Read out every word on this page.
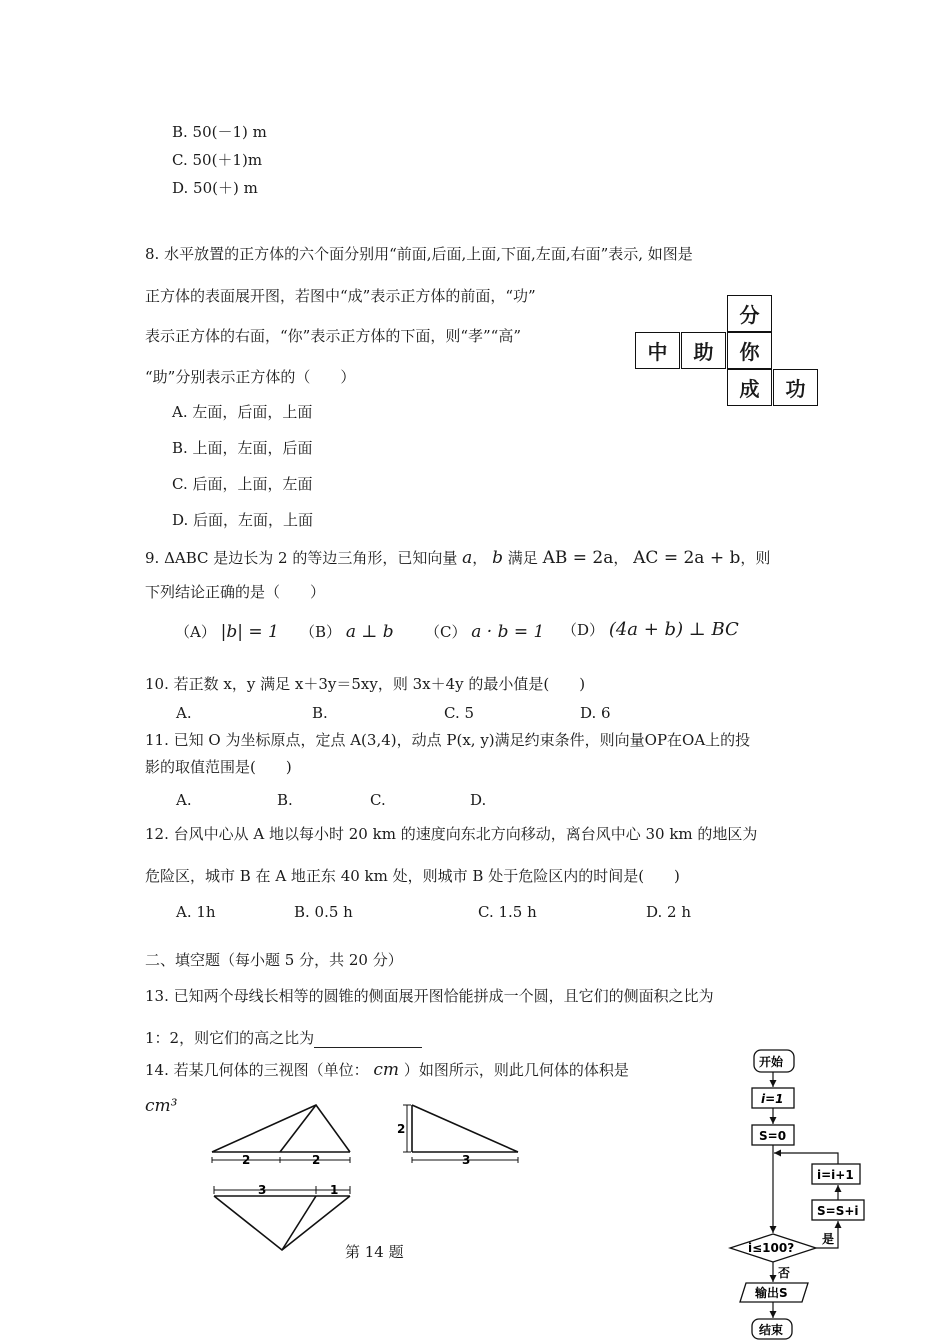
B. 50(－1) m
C. 50(＋1)m
D. 50(＋) m
8. 水平放置的正方体的六个面分别用“前面,后面,上面,下面,左面,右面”表示, 如图是
正方体的表面展开图，若图中“成”表示正方体的前面，“功”
表示正方体的右面，“你”表示正方体的下面，则“孝”“高”
“助”分别表示正方体的（　　）
A. 左面，后面，上面
B. 上面，左面，后面
C. 后面，上面，左面
D. 后面，左面，上面
分
中	助	你
成	功
9. ΔABC 是边长为 2 的等边三角形，已知向量 a， b 满足 AB = 2a， AC = 2a + b，则
下列结论正确的是（　　）
（A） |b| = 1 （B） a ⊥ b （C） a · b = 1 （D） (4a + b) ⊥ BC
10. 若正数 x，y 满足 x＋3y＝5xy，则 3x＋4y 的最小值是(　　)
A.	B.	C. 5	D. 6
11. 已知 O 为坐标原点，定点 A(3,4)，动点 P(x, y)满足约束条件，则向量OP在OA上的投
影的取值范围是(　　)
A.	B.	C.	D.
12. 台风中心从 A 地以每小时 20 km 的速度向东北方向移动，离台风中心 30 km 的地区为
危险区，城市 B 在 A 地正东 40 km 处，则城市 B 处于危险区内的时间是(　　)
A. 1h	B. 0.5 h	C. 1.5 h	D. 2 h
二、填空题（每小题 5 分，共 20 分）
13. 已知两个母线长相等的圆锥的侧面展开图恰能拼成一个圆，且它们的侧面积之比为
1：2，则它们的高之比为
14. 若某几何体的三视图（单位： cm ）如图所示，则此几何体的体积是
cm³
2	2
2
3
3	1
第 14 题
开始
i=1
S=0
i=i+1
S=S+i
i≤100?
是
否
输出S
结束
